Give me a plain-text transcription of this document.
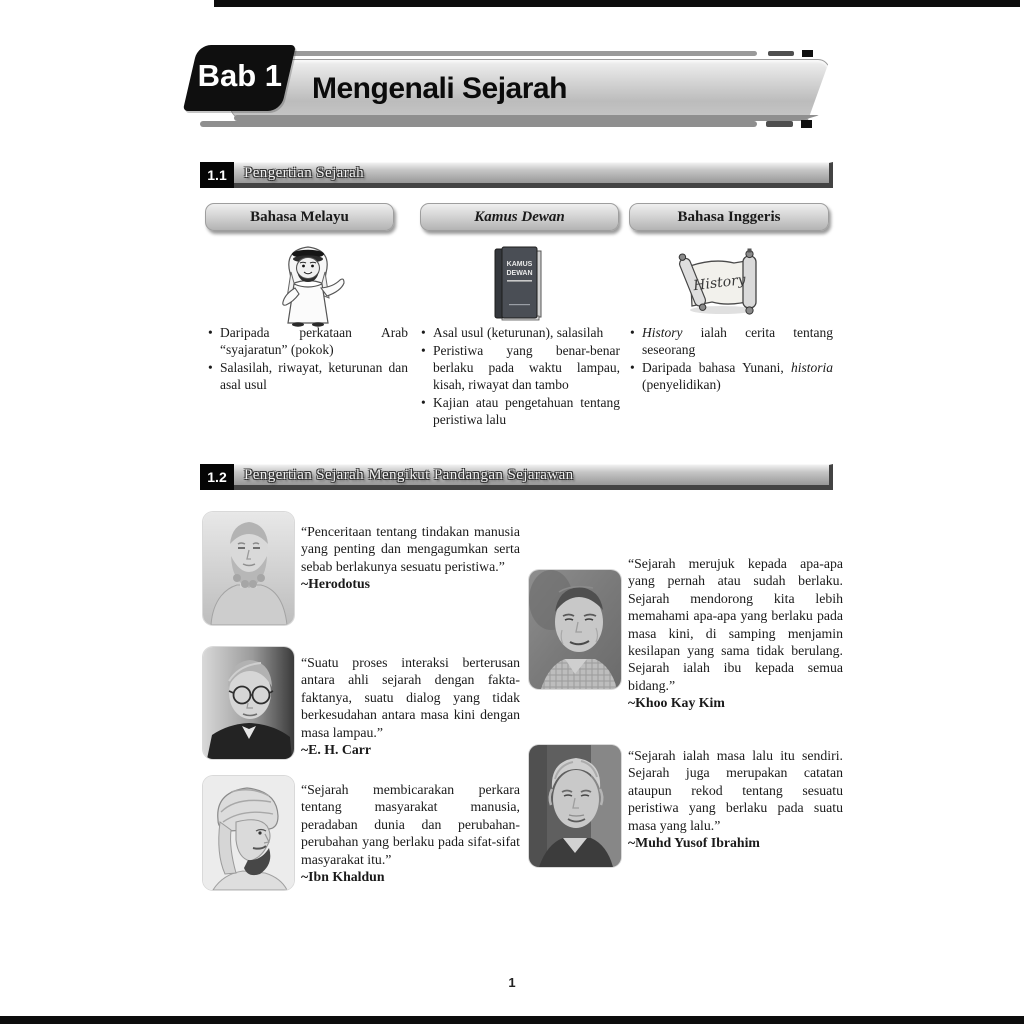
Mengenali Sejarah
Bab 1
1.1	Pengertian Sejarah
Bahasa Melayu	Kamus Dewan	Bahasa Inggeris
KAMUS
DEWAN	History
• Daripada perkataan Arab “syajaratun” (pokok)
• Salasilah, riwayat, keturunan dan asal usul
• Asal usul (keturunan), salasilah
• Peristiwa yang benar-benar berlaku pada waktu lampau, kisah, riwayat dan tambo
• Kajian atau pengetahuan tentang peristiwa lalu
• History ialah cerita tentang seseorang
• Daripada bahasa Yunani, historia (penyelidikan)
1.2	Pengertian Sejarah Mengikut Pandangan Sejarawan

“Penceritaan tentang tindakan manusia yang penting dan mengagumkan serta sebab berlakunya sesuatu peristiwa.”

~Herodotus

“Suatu proses interaksi berterusan antara ahli sejarah dengan fakta-faktanya, suatu dialog yang tidak berkesudahan antara masa kini dengan masa lampau.”

~E. H. Carr

“Sejarah membicarakan perkara tentang masyarakat manusia, peradaban dunia dan perubahan-perubahan yang berlaku pada sifat-sifat masyarakat itu.”

~Ibn Khaldun

“Sejarah merujuk kepada apa-apa yang pernah atau sudah berlaku. Sejarah mendorong kita lebih memahami apa-apa yang berlaku pada masa kini, di samping menjamin kesilapan yang sama tidak berulang. Sejarah ialah ibu kepada semua bidang.”

~Khoo Kay Kim

“Sejarah ialah masa lalu itu sendiri. Sejarah juga merupakan catatan ataupun rekod tentang sesuatu peristiwa yang berlaku pada suatu masa yang lalu.”

~Muhd Yusof Ibrahim
1
